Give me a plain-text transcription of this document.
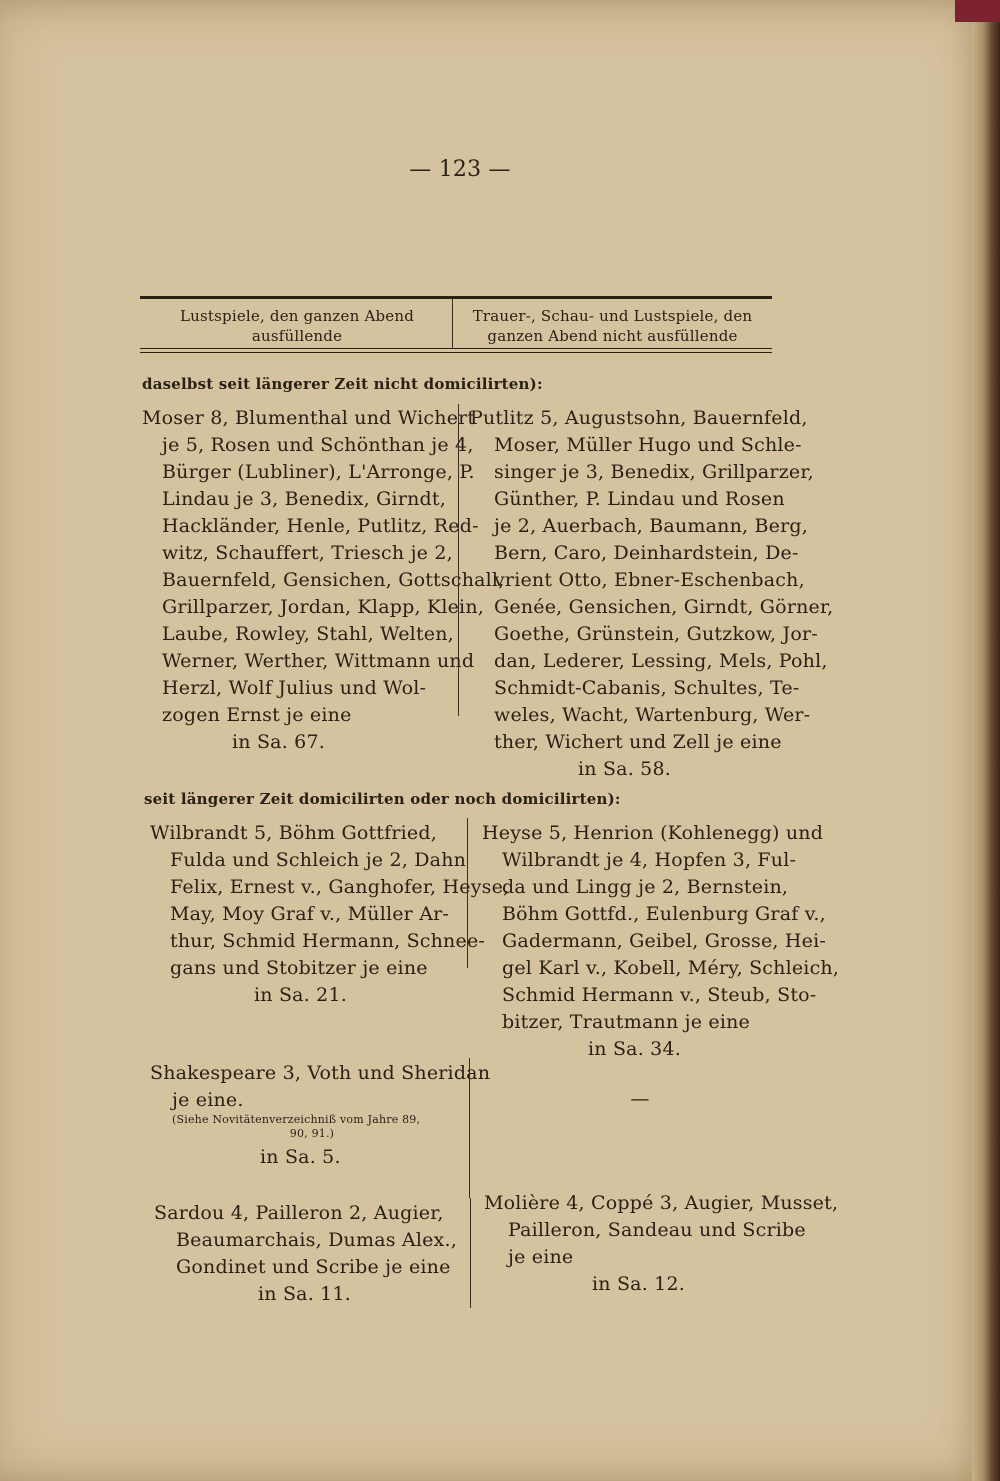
— 123 —
Lustspiele, den ganzen Abend
ausfüllende
Trauer-, Schau- und Lustspiele, den
ganzen Abend nicht ausfüllende
daselbst seit längerer Zeit nicht domicilirten):
Moser 8, Blumenthal und Wichert
je 5, Rosen und Schönthan je 4,
Bürger (Lubliner), L'Arronge, P.
Lindau je 3, Benedix, Girndt,
Hackländer, Henle, Putlitz, Red-
witz, Schauffert, Triesch je 2,
Bauernfeld, Gensichen, Gottschall,
Grillparzer, Jordan, Klapp, Klein,
Laube, Rowley, Stahl, Welten,
Werner, Werther, Wittmann und
Herzl, Wolf Julius und Wol-
zogen Ernst je eine
in Sa. 67.
Putlitz 5, Augustsohn, Bauernfeld,
Moser, Müller Hugo und Schle-
singer je 3, Benedix, Grillparzer,
Günther, P. Lindau und Rosen
je 2, Auerbach, Baumann, Berg,
Bern, Caro, Deinhardstein, De-
vrient Otto, Ebner-Eschenbach,
Genée, Gensichen, Girndt, Görner,
Goethe, Grünstein, Gutzkow, Jor-
dan, Lederer, Lessing, Mels, Pohl,
Schmidt-Cabanis, Schultes, Te-
weles, Wacht, Wartenburg, Wer-
ther, Wichert und Zell je eine
in Sa. 58.
seit längerer Zeit domicilirten oder noch domicilirten):
Wilbrandt 5, Böhm Gottfried,
Fulda und Schleich je 2, Dahn
Felix, Ernest v., Ganghofer, Heyse,
May, Moy Graf v., Müller Ar-
thur, Schmid Hermann, Schnee-
gans und Stobitzer je eine
in Sa. 21.
Heyse 5, Henrion (Kohlenegg) und
Wilbrandt je 4, Hopfen 3, Ful-
da und Lingg je 2, Bernstein,
Böhm Gottfd., Eulenburg Graf v.,
Gadermann, Geibel, Grosse, Hei-
gel Karl v., Kobell, Méry, Schleich,
Schmid Hermann v., Steub, Sto-
bitzer, Trautmann je eine
in Sa. 34.
Shakespeare 3, Voth und Sheridan
je eine.
(Siehe Novitätenverzeichniß vom Jahre 89,
90, 91.)
in Sa. 5.
—
Sardou 4, Pailleron 2, Augier,
Beaumarchais, Dumas Alex.,
Gondinet und Scribe je eine
in Sa. 11.
Molière 4, Coppé 3, Augier, Musset,
Pailleron, Sandeau und Scribe
je eine
in Sa. 12.
